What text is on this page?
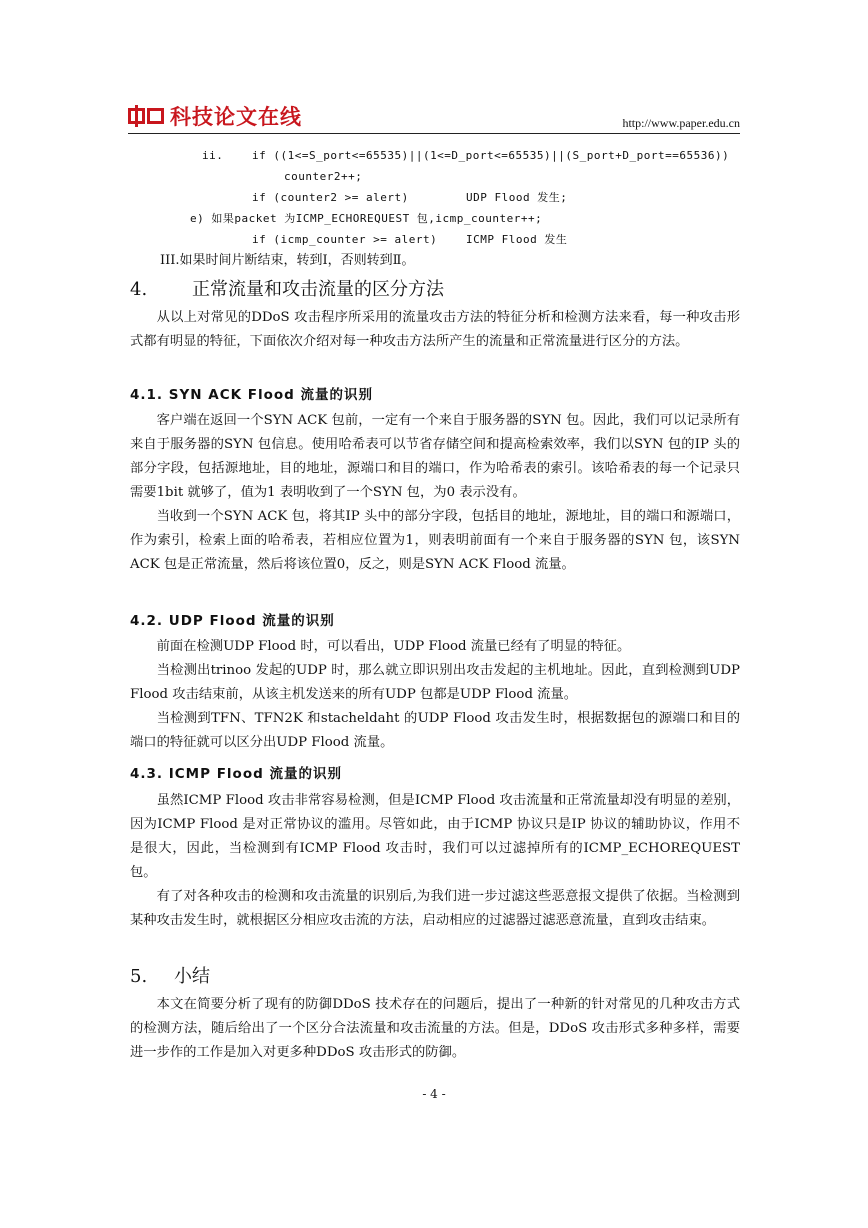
科技论文在线	http://www.paper.edu.cn
ii.	if ((1<=S_port<=65535)||(1<=D_port<=65535)||(S_port+D_port==65536))
counter2++;
if (counter2 >= alert)	UDP Flood 发生;
e) 如果packet 为ICMP_ECHOREQUEST 包,icmp_counter++;
if (icmp_counter >= alert)	ICMP Flood 发生
III.如果时间片断结束，转到Ⅰ，否则转到Ⅱ。
4. 正常流量和攻击流量的区分方法

从以上对常见的DDoS 攻击程序所采用的流量攻击方法的特征分析和检测方法来看，每一种攻击形式都有明显的特征，下面依次介绍对每一种攻击方法所产生的流量和正常流量进行区分的方法。

4.1. SYN ACK Flood 流量的识别

客户端在返回一个SYN ACK 包前，一定有一个来自于服务器的SYN 包。因此，我们可以记录所有来自于服务器的SYN 包信息。使用哈希表可以节省存储空间和提高检索效率，我们以SYN 包的IP 头的部分字段，包括源地址，目的地址，源端口和目的端口，作为哈希表的索引。该哈希表的每一个记录只需要1bit 就够了，值为1 表明收到了一个SYN 包，为0 表示没有。

当收到一个SYN ACK 包，将其IP 头中的部分字段，包括目的地址，源地址，目的端口和源端口，作为索引，检索上面的哈希表，若相应位置为1，则表明前面有一个来自于服务器的SYN 包，该SYN ACK 包是正常流量，然后将该位置0，反之，则是SYN ACK Flood 流量。

4.2. UDP Flood 流量的识别

前面在检测UDP Flood 时，可以看出，UDP Flood 流量已经有了明显的特征。

当检测出trinoo 发起的UDP 时，那么就立即识别出攻击发起的主机地址。因此，直到检测到UDP Flood 攻击结束前，从该主机发送来的所有UDP 包都是UDP Flood 流量。

当检测到TFN、TFN2K 和stacheldaht 的UDP Flood 攻击发生时，根据数据包的源端口和目的端口的特征就可以区分出UDP Flood 流量。

4.3. ICMP Flood 流量的识别

虽然ICMP Flood 攻击非常容易检测，但是ICMP Flood 攻击流量和正常流量却没有明显的差别，因为ICMP Flood 是对正常协议的滥用。尽管如此，由于ICMP 协议只是IP 协议的辅助协议，作用不是很大，因此，当检测到有ICMP Flood 攻击时，我们可以过滤掉所有的ICMP_ECHOREQUEST 包。

有了对各种攻击的检测和攻击流量的识别后,为我们进一步过滤这些恶意报文提供了依据。当检测到某种攻击发生时，就根据区分相应攻击流的方法，启动相应的过滤器过滤恶意流量，直到攻击结束。

5. 小结

本文在简要分析了现有的防御DDoS 技术存在的问题后，提出了一种新的针对常见的几种攻击方式的检测方法，随后给出了一个区分合法流量和攻击流量的方法。但是，DDoS 攻击形式多种多样，需要进一步作的工作是加入对更多种DDoS 攻击形式的防御。

- 4 -
